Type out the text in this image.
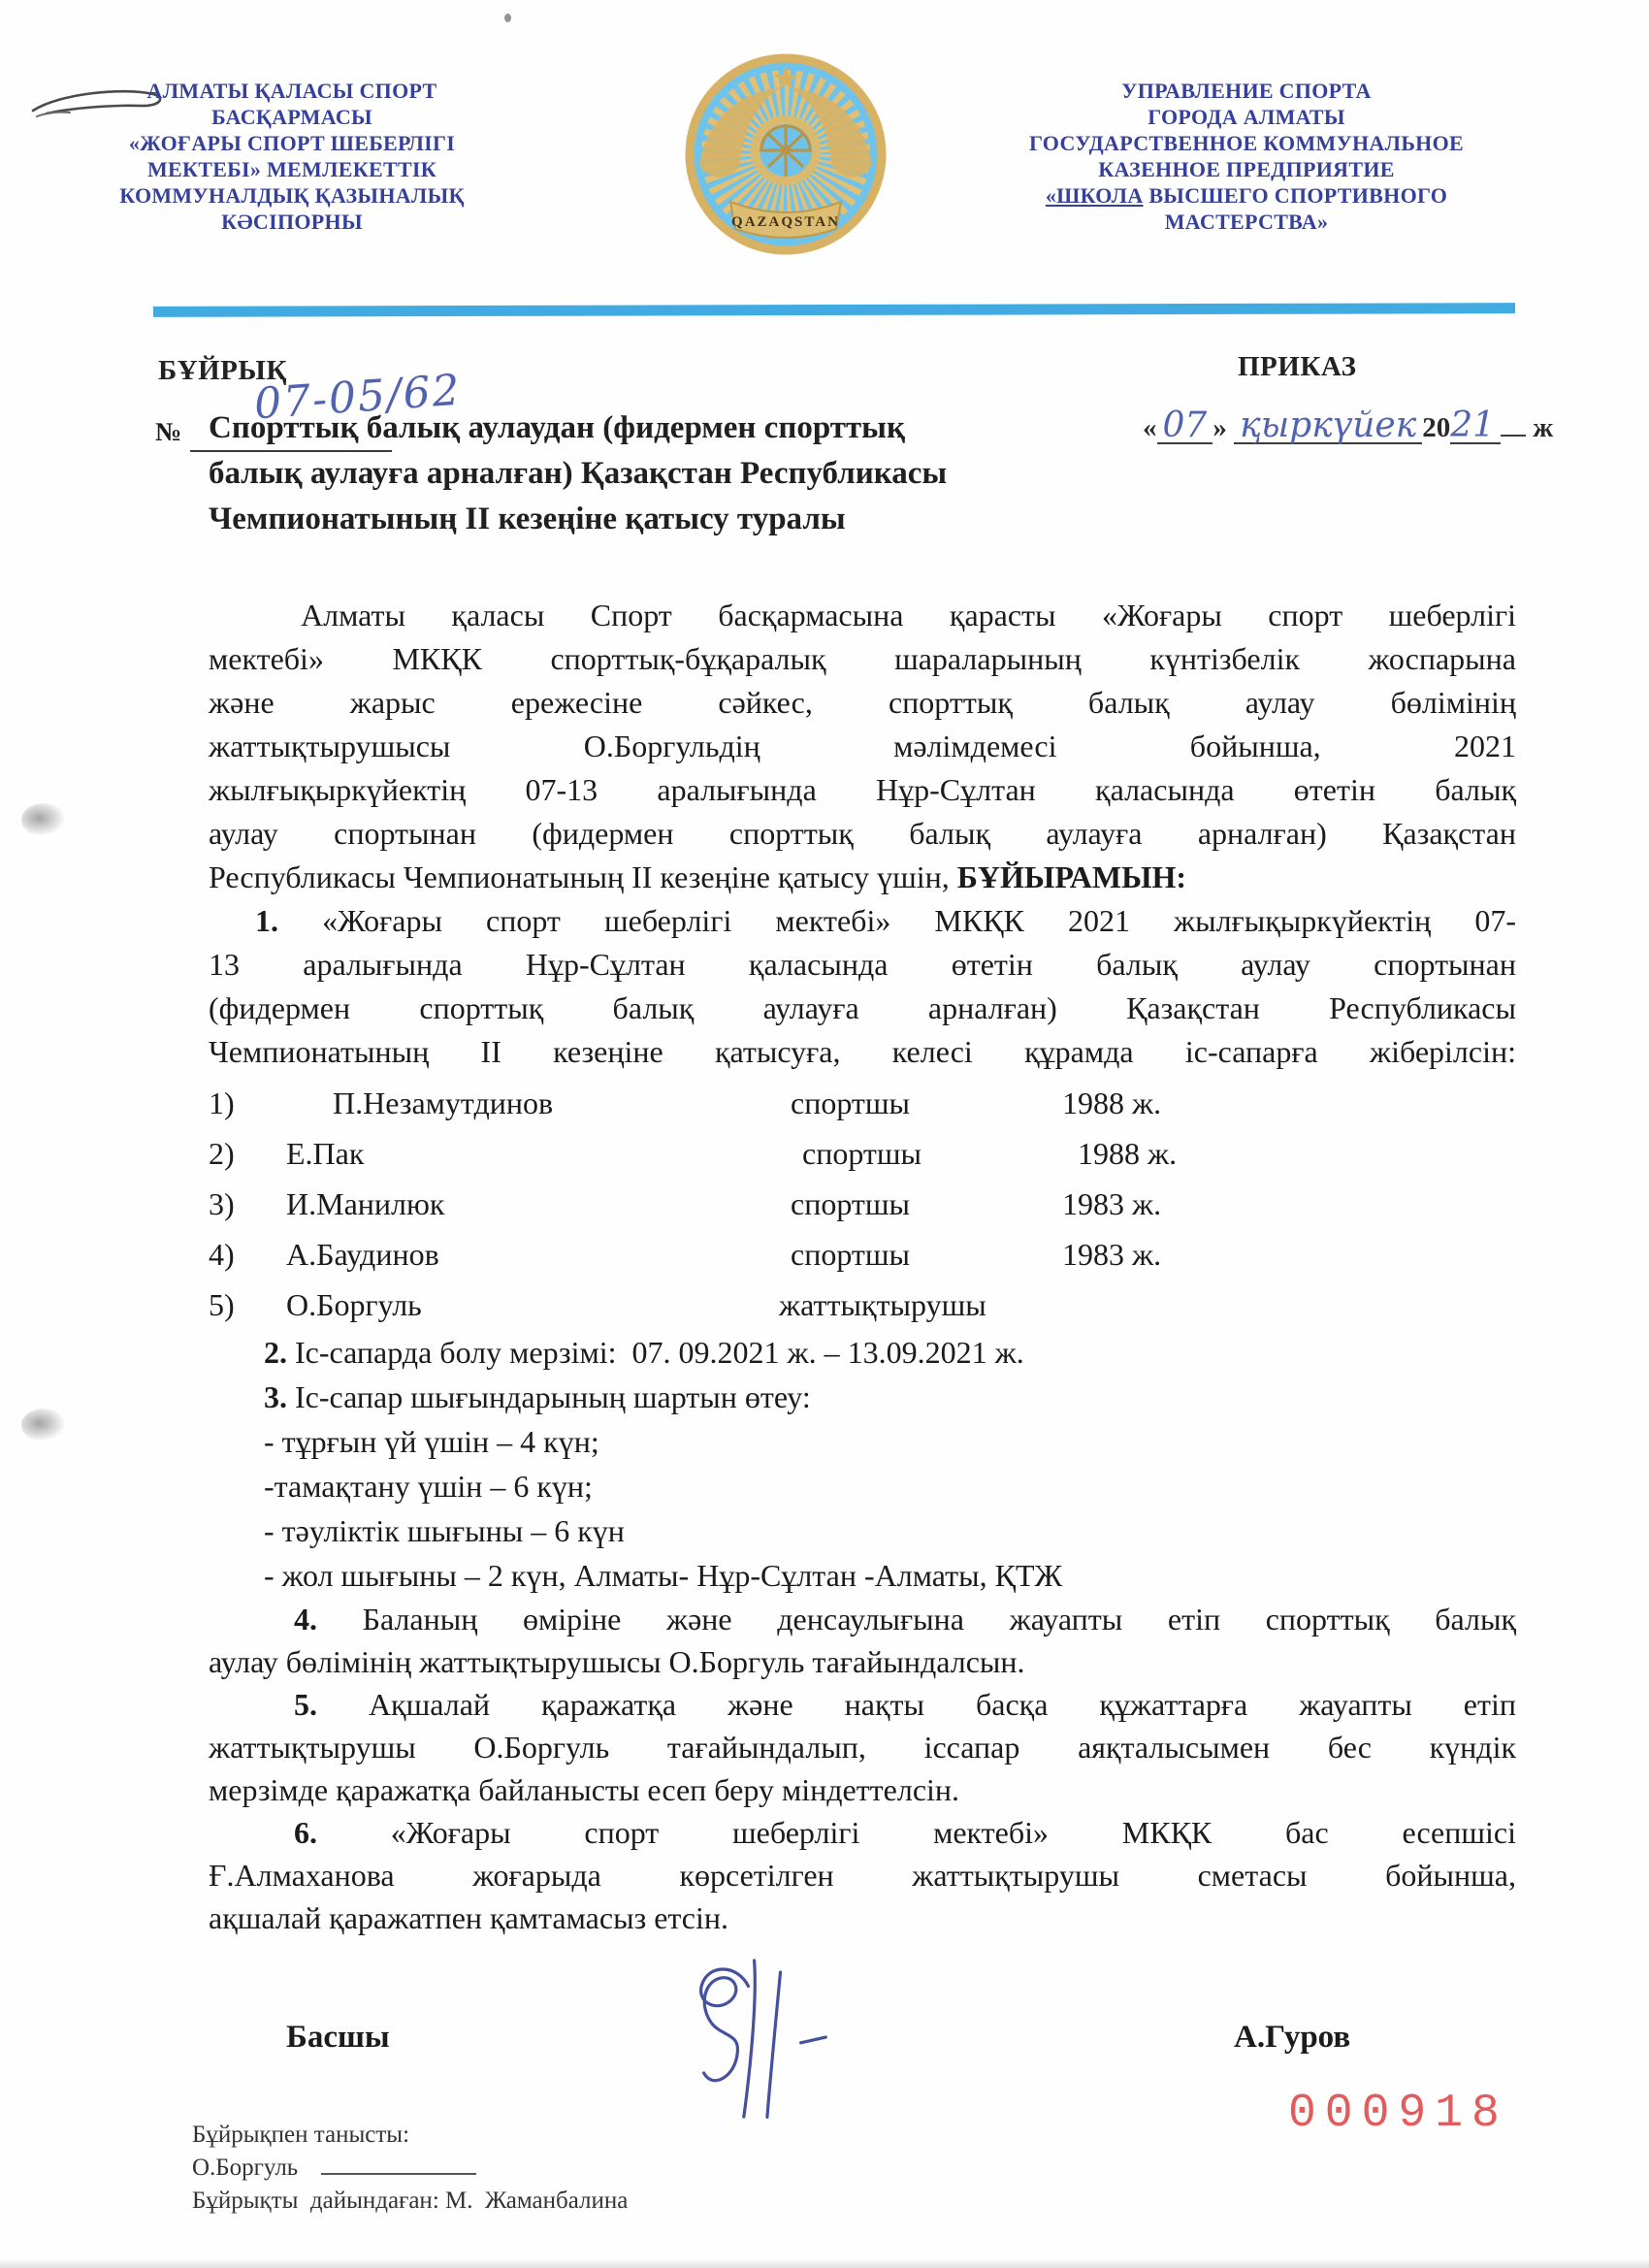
АЛМАТЫ ҚАЛАСЫ СПОРТ
БАСҚАРМАСЫ
«ЖОҒАРЫ СПОРТ ШЕБЕРЛІГІ
МЕКТЕБІ» МЕМЛЕКЕТТІК
КОММУНАЛДЫҚ ҚАЗЫНАЛЫҚ
КӘСІПОРНЫ	QAZAQSTAN
УПРАВЛЕНИЕ СПОРТА
ГОРОДА АЛМАТЫ
ГОСУДАРСТВЕННОЕ КОММУНАЛЬНОЕ
КАЗЕННОЕ ПРЕДПРИЯТИЕ
«ШКОЛА ВЫСШЕГО СПОРТИВНОГО
МАСТЕРСТВА»
БҰЙРЫҚ	ПРИКАЗ
07-05/62
№ Спорттық балық аулаудан (фидермен спорттық
балық аулауға арналған) Қазақстан Республикасы
Чемпионатының II кезеңіне қатысу туралы
« 07 » қыркүйек 2021 ж
Алматы қаласы Спорт басқармасына қарасты «Жоғары спорт шеберлігі
мектебі» МКҚК спорттық-бұқаралық шараларының күнтізбелік жоспарына
және жарыс ережесіне сәйкес, спорттық балық аулау бөлімінің
жаттықтырушысы О.Боргульдің мәлімдемесі бойынша, 2021
жылғықыркүйектің 07-13 аралығында Нұр-Сұлтан қаласында өтетін балық
аулау спортынан (фидермен спорттық балық аулауға арналған) Қазақстан
Республикасы Чемпионатының II кезеңіне қатысу үшін, БҰЙЫРАМЫН:
1. «Жоғары спорт шеберлігі мектебі» МКҚК 2021 жылғықыркүйектің 07-
13 аралығында Нұр-Сұлтан қаласында өтетін балық аулау спортынан
(фидермен спорттық балық аулауға арналған) Қазақстан Республикасы
Чемпионатының II кезеңіне қатысуға, келесі құрамда іс-сапарға жіберілсін:
1)	П.Незамутдинов	спортшы	1988 ж.
2) Е.Пак	спортшы	1988 ж.
3) И.Манилюк	спортшы	1983 ж.
4) А.Баудинов	спортшы	1983 ж.
5) О.Боргуль	жаттықтырушы
2. Іс-сапарда болу мерзімі:  07. 09.2021 ж. – 13.09.2021 ж.
3. Іс-сапар шығындарының шартын өтеу:
- тұрғын үй үшін – 4 күн;
-тамақтану үшін – 6 күн;
- тәуліктік шығыны – 6 күн
- жол шығыны – 2 күн, Алматы- Нұр-Сұлтан -Алматы, ҚТЖ
4. Баланың өміріне және денсаулығына жауапты етіп спорттық балық
аулау бөлімінің жаттықтырушысы О.Боргуль тағайындалсын.
5. Ақшалай қаражатқа және нақты басқа құжаттарға жауапты етіп
жаттықтырушы О.Боргуль тағайындалып, іссапар аяқталысымен бес күндік
мерзімде қаражатқа байланысты есеп беру міндеттелсін.
6. «Жоғары спорт шеберлігі мектебі» МКҚК бас есепшісі
Ғ.Алмаханова жоғарыда көрсетілген жаттықтырушы сметасы бойынша,
ақшалай қаражатпен қамтамасыз етсін.
Басшы	А.Гуров
Бұйрықпен танысты:
О.Боргуль
Бұйрықты  дайындаған: М.  Жаманбалина
000918
